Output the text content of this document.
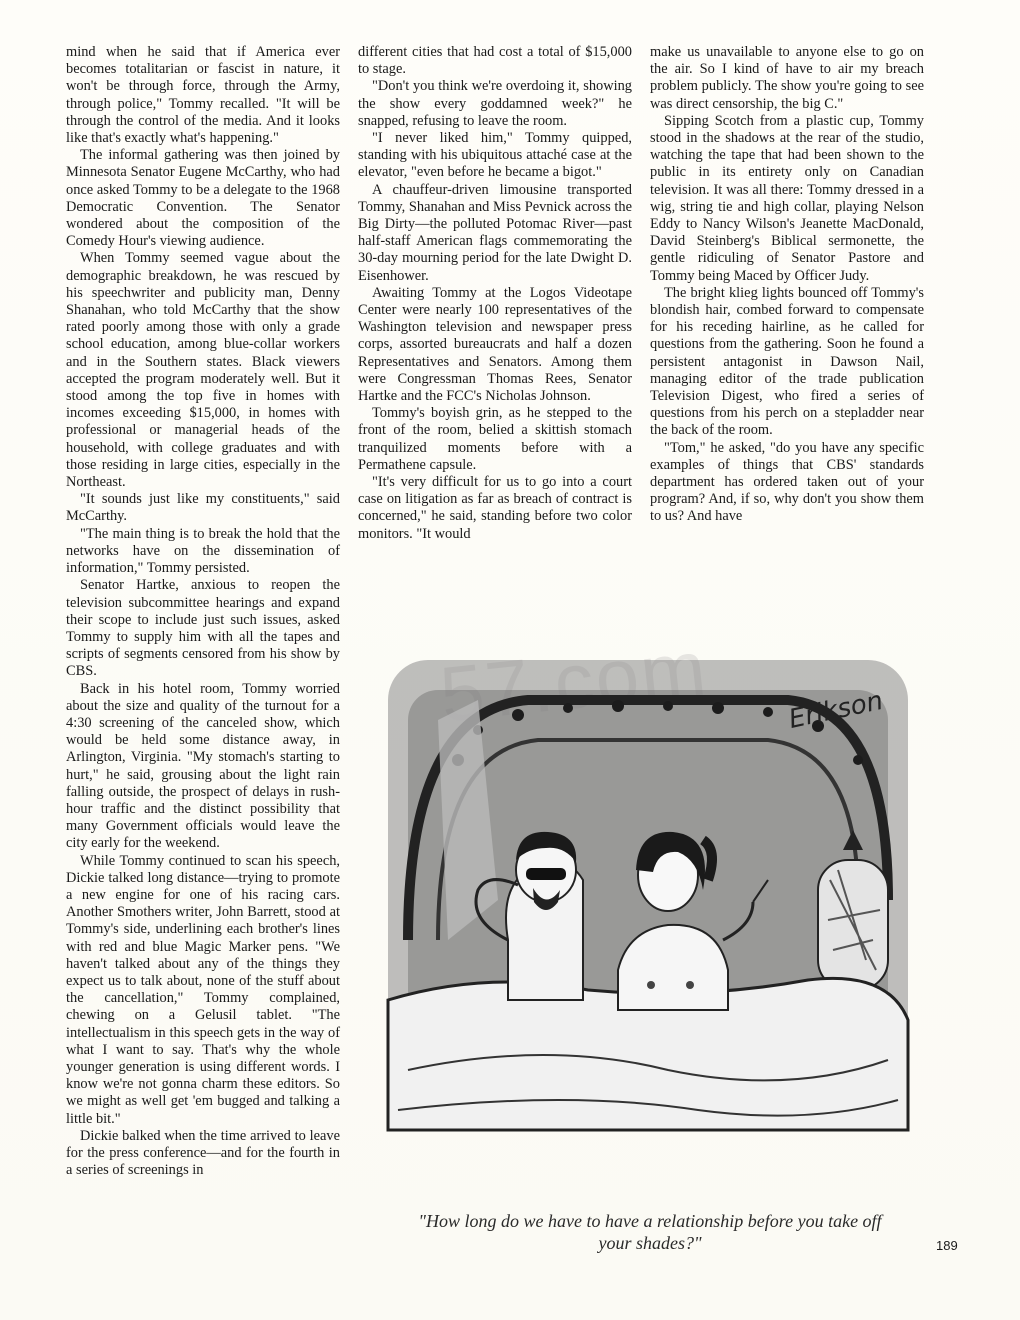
mind when he said that if America ever becomes totalitarian or fascist in nature, it won't be through force, through the Army, through police," Tommy recalled. "It will be through the control of the media. And it looks like that's exactly what's happening."

The informal gathering was then joined by Minnesota Senator Eugene McCarthy, who had once asked Tommy to be a delegate to the 1968 Democratic Convention. The Senator wondered about the composition of the Comedy Hour's viewing audience.

When Tommy seemed vague about the demographic breakdown, he was rescued by his speechwriter and publicity man, Denny Shanahan, who told McCarthy that the show rated poorly among those with only a grade school education, among blue-collar workers and in the Southern states. Black viewers accepted the program moderately well. But it stood among the top five in homes with incomes exceeding $15,000, in homes with professional or managerial heads of the household, with college graduates and with those residing in large cities, especially in the Northeast.

"It sounds just like my constituents," said McCarthy.

"The main thing is to break the hold that the networks have on the dissemination of information," Tommy persisted.

Senator Hartke, anxious to reopen the television subcommittee hearings and expand their scope to include just such issues, asked Tommy to supply him with all the tapes and scripts of segments censored from his show by CBS.

Back in his hotel room, Tommy worried about the size and quality of the turnout for a 4:30 screening of the canceled show, which would be held some distance away, in Arlington, Virginia. "My stomach's starting to hurt," he said, grousing about the light rain falling outside, the prospect of delays in rush-hour traffic and the distinct possibility that many Government officials would leave the city early for the weekend.

While Tommy continued to scan his speech, Dickie talked long distance—trying to promote a new engine for one of his racing cars. Another Smothers writer, John Barrett, stood at Tommy's side, underlining each brother's lines with red and blue Magic Marker pens. "We haven't talked about any of the things they expect us to talk about, none of the stuff about the cancellation," Tommy complained, chewing on a Gelusil tablet. "The intellectualism in this speech gets in the way of what I want to say. That's why the whole younger generation is using different words. I know we're not gonna charm these editors. So we might as well get 'em bugged and talking a little bit."

Dickie balked when the time arrived to leave for the press conference—and for the fourth in a series of screenings in

different cities that had cost a total of $15,000 to stage.

"Don't you think we're overdoing it, showing the show every goddamned week?" he snapped, refusing to leave the room.

"I never liked him," Tommy quipped, standing with his ubiquitous attaché case at the elevator, "even before he became a bigot."

A chauffeur-driven limousine transported Tommy, Shanahan and Miss Pevnick across the Big Dirty—the polluted Potomac River—past half-staff American flags commemorating the 30-day mourning period for the late Dwight D. Eisenhower.

Awaiting Tommy at the Logos Videotape Center were nearly 100 representatives of the Washington television and newspaper press corps, assorted bureaucrats and half a dozen Representatives and Senators. Among them were Congressman Thomas Rees, Senator Hartke and the FCC's Nicholas Johnson.

Tommy's boyish grin, as he stepped to the front of the room, belied a skittish stomach tranquilized moments before with a Permathene capsule.

"It's very difficult for us to go into a court case on litigation as far as breach of contract is concerned," he said, standing before two color monitors. "It would

make us unavailable to anyone else to go on the air. So I kind of have to air my breach problem publicly. The show you're going to see was direct censorship, the big C."

Sipping Scotch from a plastic cup, Tommy stood in the shadows at the rear of the studio, watching the tape that had been shown to the public in its entirety only on Canadian television. It was all there: Tommy dressed in a wig, string tie and high collar, playing Nelson Eddy to Nancy Wilson's Jeanette MacDonald, David Steinberg's Biblical sermonette, the gentle ridiculing of Senator Pastore and Tommy being Maced by Officer Judy.

The bright klieg lights bounced off Tommy's blondish hair, combed forward to compensate for his receding hairline, as he called for questions from the gathering. Soon he found a persistent antagonist in Dawson Nail, managing editor of the trade publication Television Digest, who fired a series of questions from his perch on a stepladder near the back of the room.

"Tom," he asked, "do you have any specific examples of things that CBS' standards department has ordered taken out of your program? And, if so, why don't you show them to us? And have

Erikson
"How long do we have to have a relationship before you take off your shades?"	189
